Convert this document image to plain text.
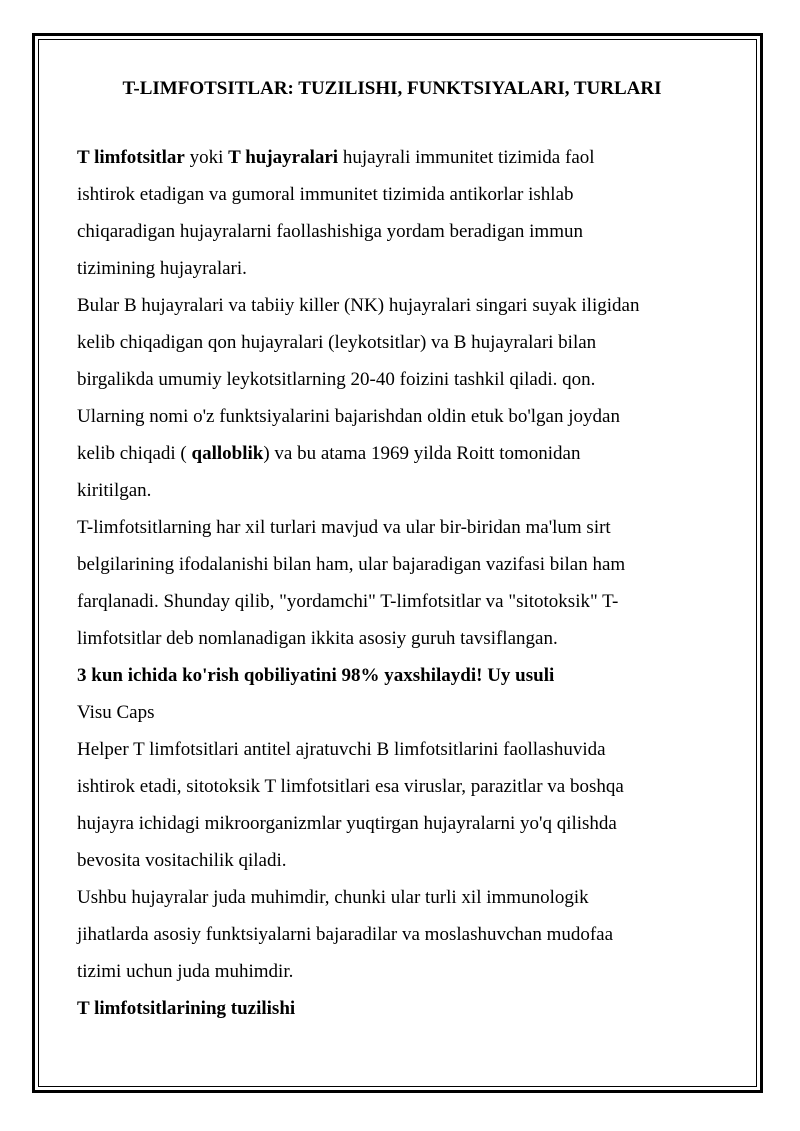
T-LIMFOTSITLAR: TUZILISHI, FUNKTSIYALARI, TURLARI

T limfotsitlar yoki T hujayralari hujayrali immunitet tizimida faol
ishtirok etadigan va gumoral immunitet tizimida antikorlar ishlab
chiqaradigan hujayralarni faollashishiga yordam beradigan immun
tizimining hujayralari.

Bular B hujayralari va tabiiy killer (NK) hujayralari singari suyak iligidan
kelib chiqadigan qon hujayralari (leykotsitlar) va B hujayralari bilan
birgalikda umumiy leykotsitlarning 20-40 foizini tashkil qiladi. qon.
Ularning nomi o'z funktsiyalarini bajarishdan oldin etuk bo'lgan joydan
kelib chiqadi ( qalloblik) va bu atama 1969 yilda Roitt tomonidan
kiritilgan.

T-limfotsitlarning har xil turlari mavjud va ular bir-biridan ma'lum sirt
belgilarining ifodalanishi bilan ham, ular bajaradigan vazifasi bilan ham
farqlanadi. Shunday qilib, "yordamchi" T-limfotsitlar va "sitotoksik" T-
limfotsitlar deb nomlanadigan ikkita asosiy guruh tavsiflangan.

3 kun ichida ko'rish qobiliyatini 98% yaxshilaydi! Uy usuli
Visu Caps

Helper T limfotsitlari antitel ajratuvchi B limfotsitlarini faollashuvida
ishtirok etadi, sitotoksik T limfotsitlari esa viruslar, parazitlar va boshqa
hujayra ichidagi mikroorganizmlar yuqtirgan hujayralarni yo'q qilishda
bevosita vositachilik qiladi.

Ushbu hujayralar juda muhimdir, chunki ular turli xil immunologik
jihatlarda asosiy funktsiyalarni bajaradilar va moslashuvchan mudofaa
tizimi uchun juda muhimdir.

T limfotsitlarining tuzilishi
